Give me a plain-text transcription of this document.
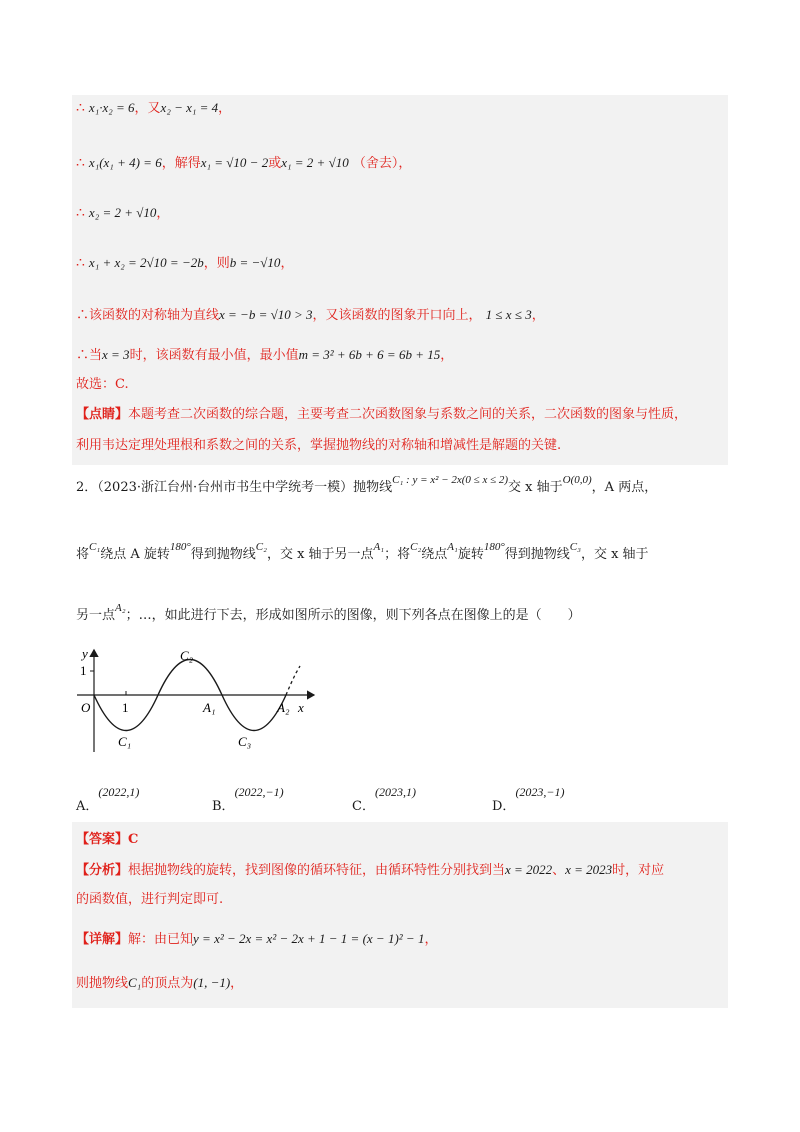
∴ x₁·x₂ = 6，又x₂ − x₁ = 4，
∴ x₁(x₁ + 4) = 6，解得x₁ = √10 − 2或x₁ = 2 + √10 （舍去），
∴ x₂ = 2 + √10，
∴ x₁ + x₂ = 2√10 = −2b，则b = −√10，
∴该函数的对称轴为直线x = −b = √10 > 3，又该函数的图象开口向上， 1 ≤ x ≤ 3，
∴当x = 3时，该函数有最小值，最小值m = 3² + 6b + 6 = 6b + 15，
故选：C.
【点睛】本题考查二次函数的综合题，主要考查二次函数图象与系数之间的关系，二次函数的图象与性质，
利用韦达定理处理根和系数之间的关系，掌握抛物线的对称轴和增减性是解题的关键.
2．（2023·浙江台州·台州市书生中学统考一模）抛物线$^{C_1 : y = x^2 - 2x(0 \le x \le 2)}$交 x 轴于$^{O(0,0)}$，A 两点，
将$^{C_1}$绕点 A 旋转$^{180^\circ}$得到抛物线$^{C_2}$，交 x 轴于另一点$^{A_1}$；将$^{C_2}$绕点$^{A_1}$旋转$^{180^\circ}$得到抛物线$^{C_3}$，交 x 轴于
另一点$^{A_2}$；…，如此进行下去，形成如图所示的图像，则下列各点在图像上的是（　　）
y
x
O
1
1
C₁
C₂
C₃
A₁	A₂
A．(2022,1)
B．(2022,−1)
C．(2023,1)
D．(2023,−1)
【答案】C
【分析】根据抛物线的旋转，找到图像的循环特征，由循环特性分别找到当x = 2022、x = 2023时，对应
的函数值，进行判定即可.
【详解】解：由已知y = x² − 2x = x² − 2x + 1 − 1 = (x − 1)² − 1，
则抛物线C₁的顶点为(1, −1)，
